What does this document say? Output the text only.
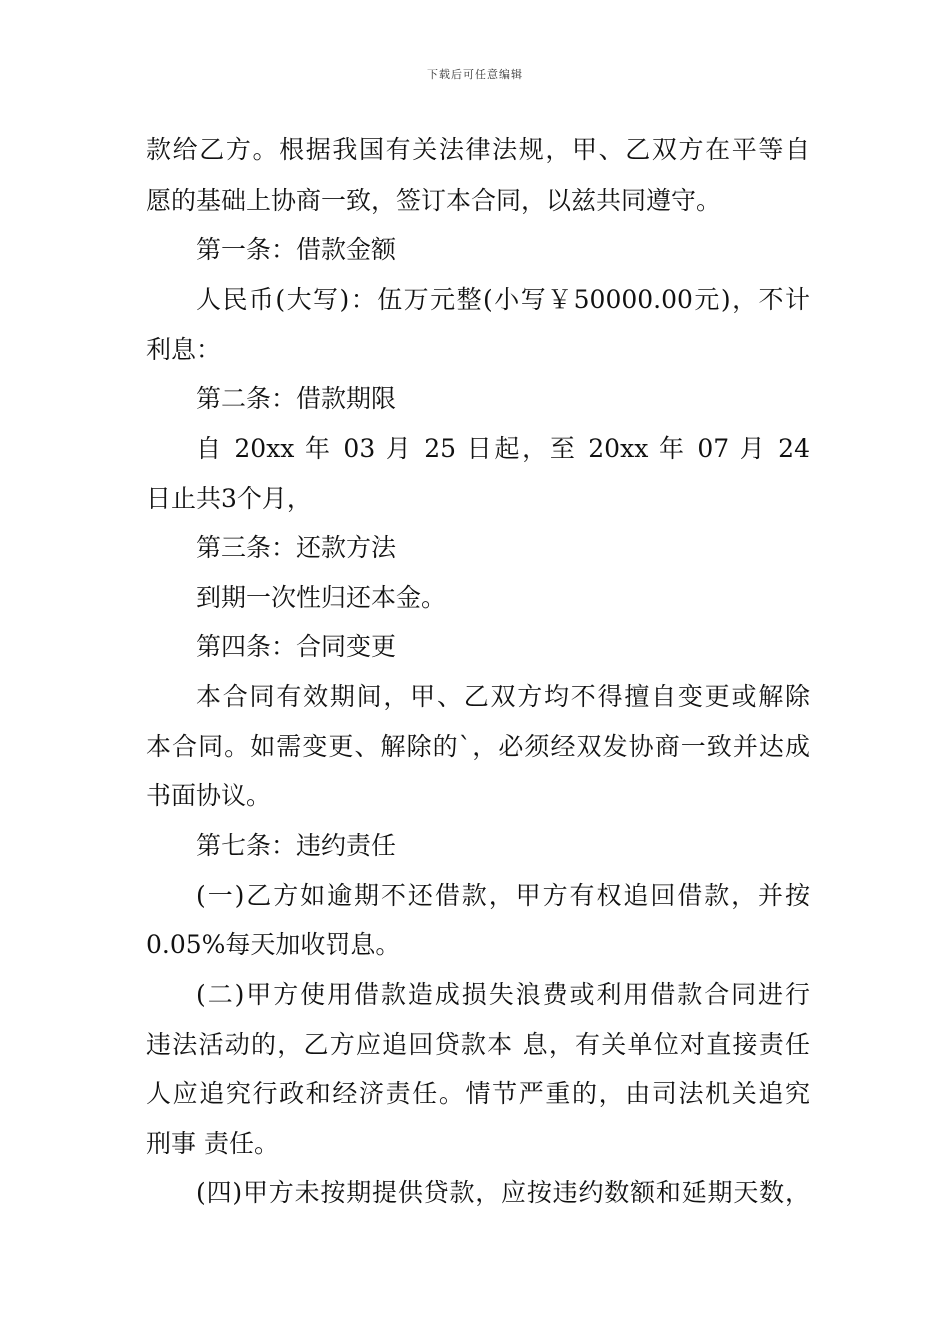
下载后可任意编辑
款给乙方。根据我国有关法律法规，甲、乙双方在平等自
愿的基础上协商一致，签订本合同，以兹共同遵守。
第一条：借款金额
人民币(大写)：伍万元整(小写￥50000.00元)，不计
利息：
第二条：借款期限
自 20xx 年 03 月 25 日起，至 20xx 年 07 月 24
日止共3个月，
第三条：还款方法
到期一次性归还本金。
第四条：合同变更
本合同有效期间，甲、乙双方均不得擅自变更或解除
本合同。如需变更、解除的`，必须经双发协商一致并达成
书面协议。
第七条：违约责任
(一)乙方如逾期不还借款，甲方有权追回借款，并按
0.05%每天加收罚息。
(二)甲方使用借款造成损失浪费或利用借款合同进行
违法活动的，乙方应追回贷款本 息，有关单位对直接责任
人应追究行政和经济责任。情节严重的，由司法机关追究
刑事 责任。
(四)甲方未按期提供贷款，应按违约数额和延期天数，
